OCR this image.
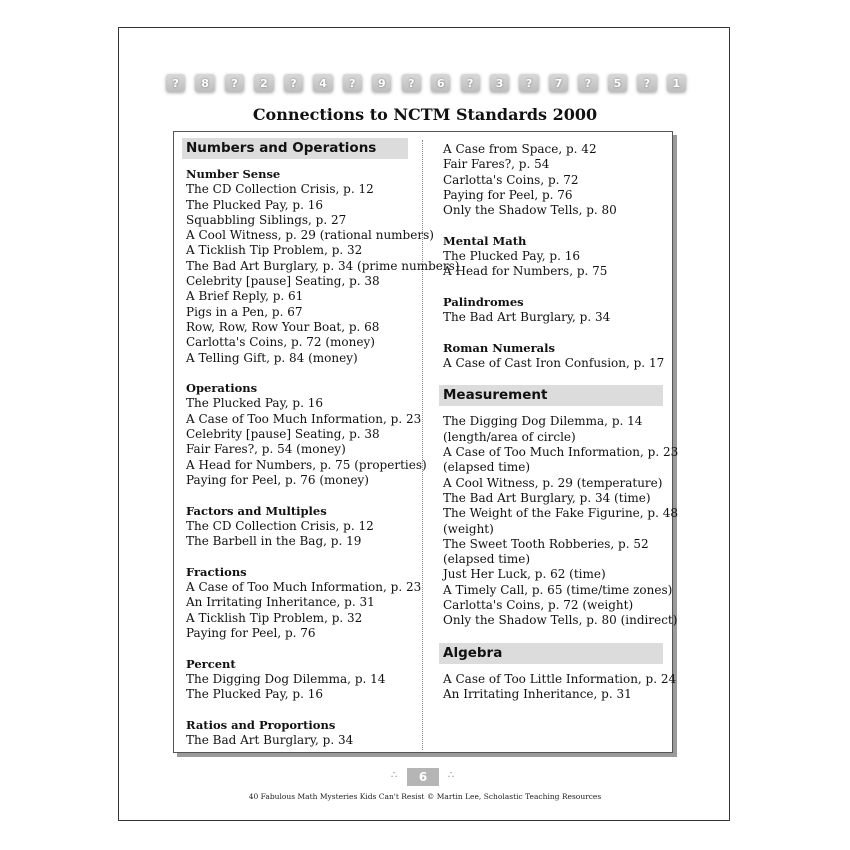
?	8	?	2	?	4	?	9	?	6	?	3	?	7	?	5	?	1
Connections to NCTM Standards 2000
Numbers and Operations
Number Sense
The CD Collection Crisis, p. 12
The Plucked Pay, p. 16
Squabbling Siblings, p. 27
A Cool Witness, p. 29 (rational numbers)
A Ticklish Tip Problem, p. 32
The Bad Art Burglary, p. 34 (prime numbers)
Celebrity [pause] Seating, p. 38
A Brief Reply, p. 61
Pigs in a Pen, p. 67
Row, Row, Row Your Boat, p. 68
Carlotta's Coins, p. 72 (money)
A Telling Gift, p. 84 (money)
Operations
The Plucked Pay, p. 16
A Case of Too Much Information, p. 23
Celebrity [pause] Seating, p. 38
Fair Fares?, p. 54 (money)
A Head for Numbers, p. 75 (properties)
Paying for Peel, p. 76 (money)
Factors and Multiples
The CD Collection Crisis, p. 12
The Barbell in the Bag, p. 19
Fractions
A Case of Too Much Information, p. 23
An Irritating Inheritance, p. 31
A Ticklish Tip Problem, p. 32
Paying for Peel, p. 76
Percent
The Digging Dog Dilemma, p. 14
The Plucked Pay, p. 16
Ratios and Proportions
The Bad Art Burglary, p. 34
A Case from Space, p. 42
Fair Fares?, p. 54
Carlotta's Coins, p. 72
Paying for Peel, p. 76
Only the Shadow Tells, p. 80
Mental Math
The Plucked Pay, p. 16
A Head for Numbers, p. 75
Palindromes
The Bad Art Burglary, p. 34
Roman Numerals
A Case of Cast Iron Confusion, p. 17
Measurement
The Digging Dog Dilemma, p. 14
(length/area of circle)
A Case of Too Much Information, p. 23
(elapsed time)
A Cool Witness, p. 29 (temperature)
The Bad Art Burglary, p. 34 (time)
The Weight of the Fake Figurine, p. 48
(weight)
The Sweet Tooth Robberies, p. 52
(elapsed time)
Just Her Luck, p. 62 (time)
A Timely Call, p. 65 (time/time zones)
Carlotta's Coins, p. 72 (weight)
Only the Shadow Tells, p. 80 (indirect)
Algebra
A Case of Too Little Information, p. 24
An Irritating Inheritance, p. 31
∴	6	∴
40 Fabulous Math Mysteries Kids Can't Resist © Martin Lee, Scholastic Teaching Resources
